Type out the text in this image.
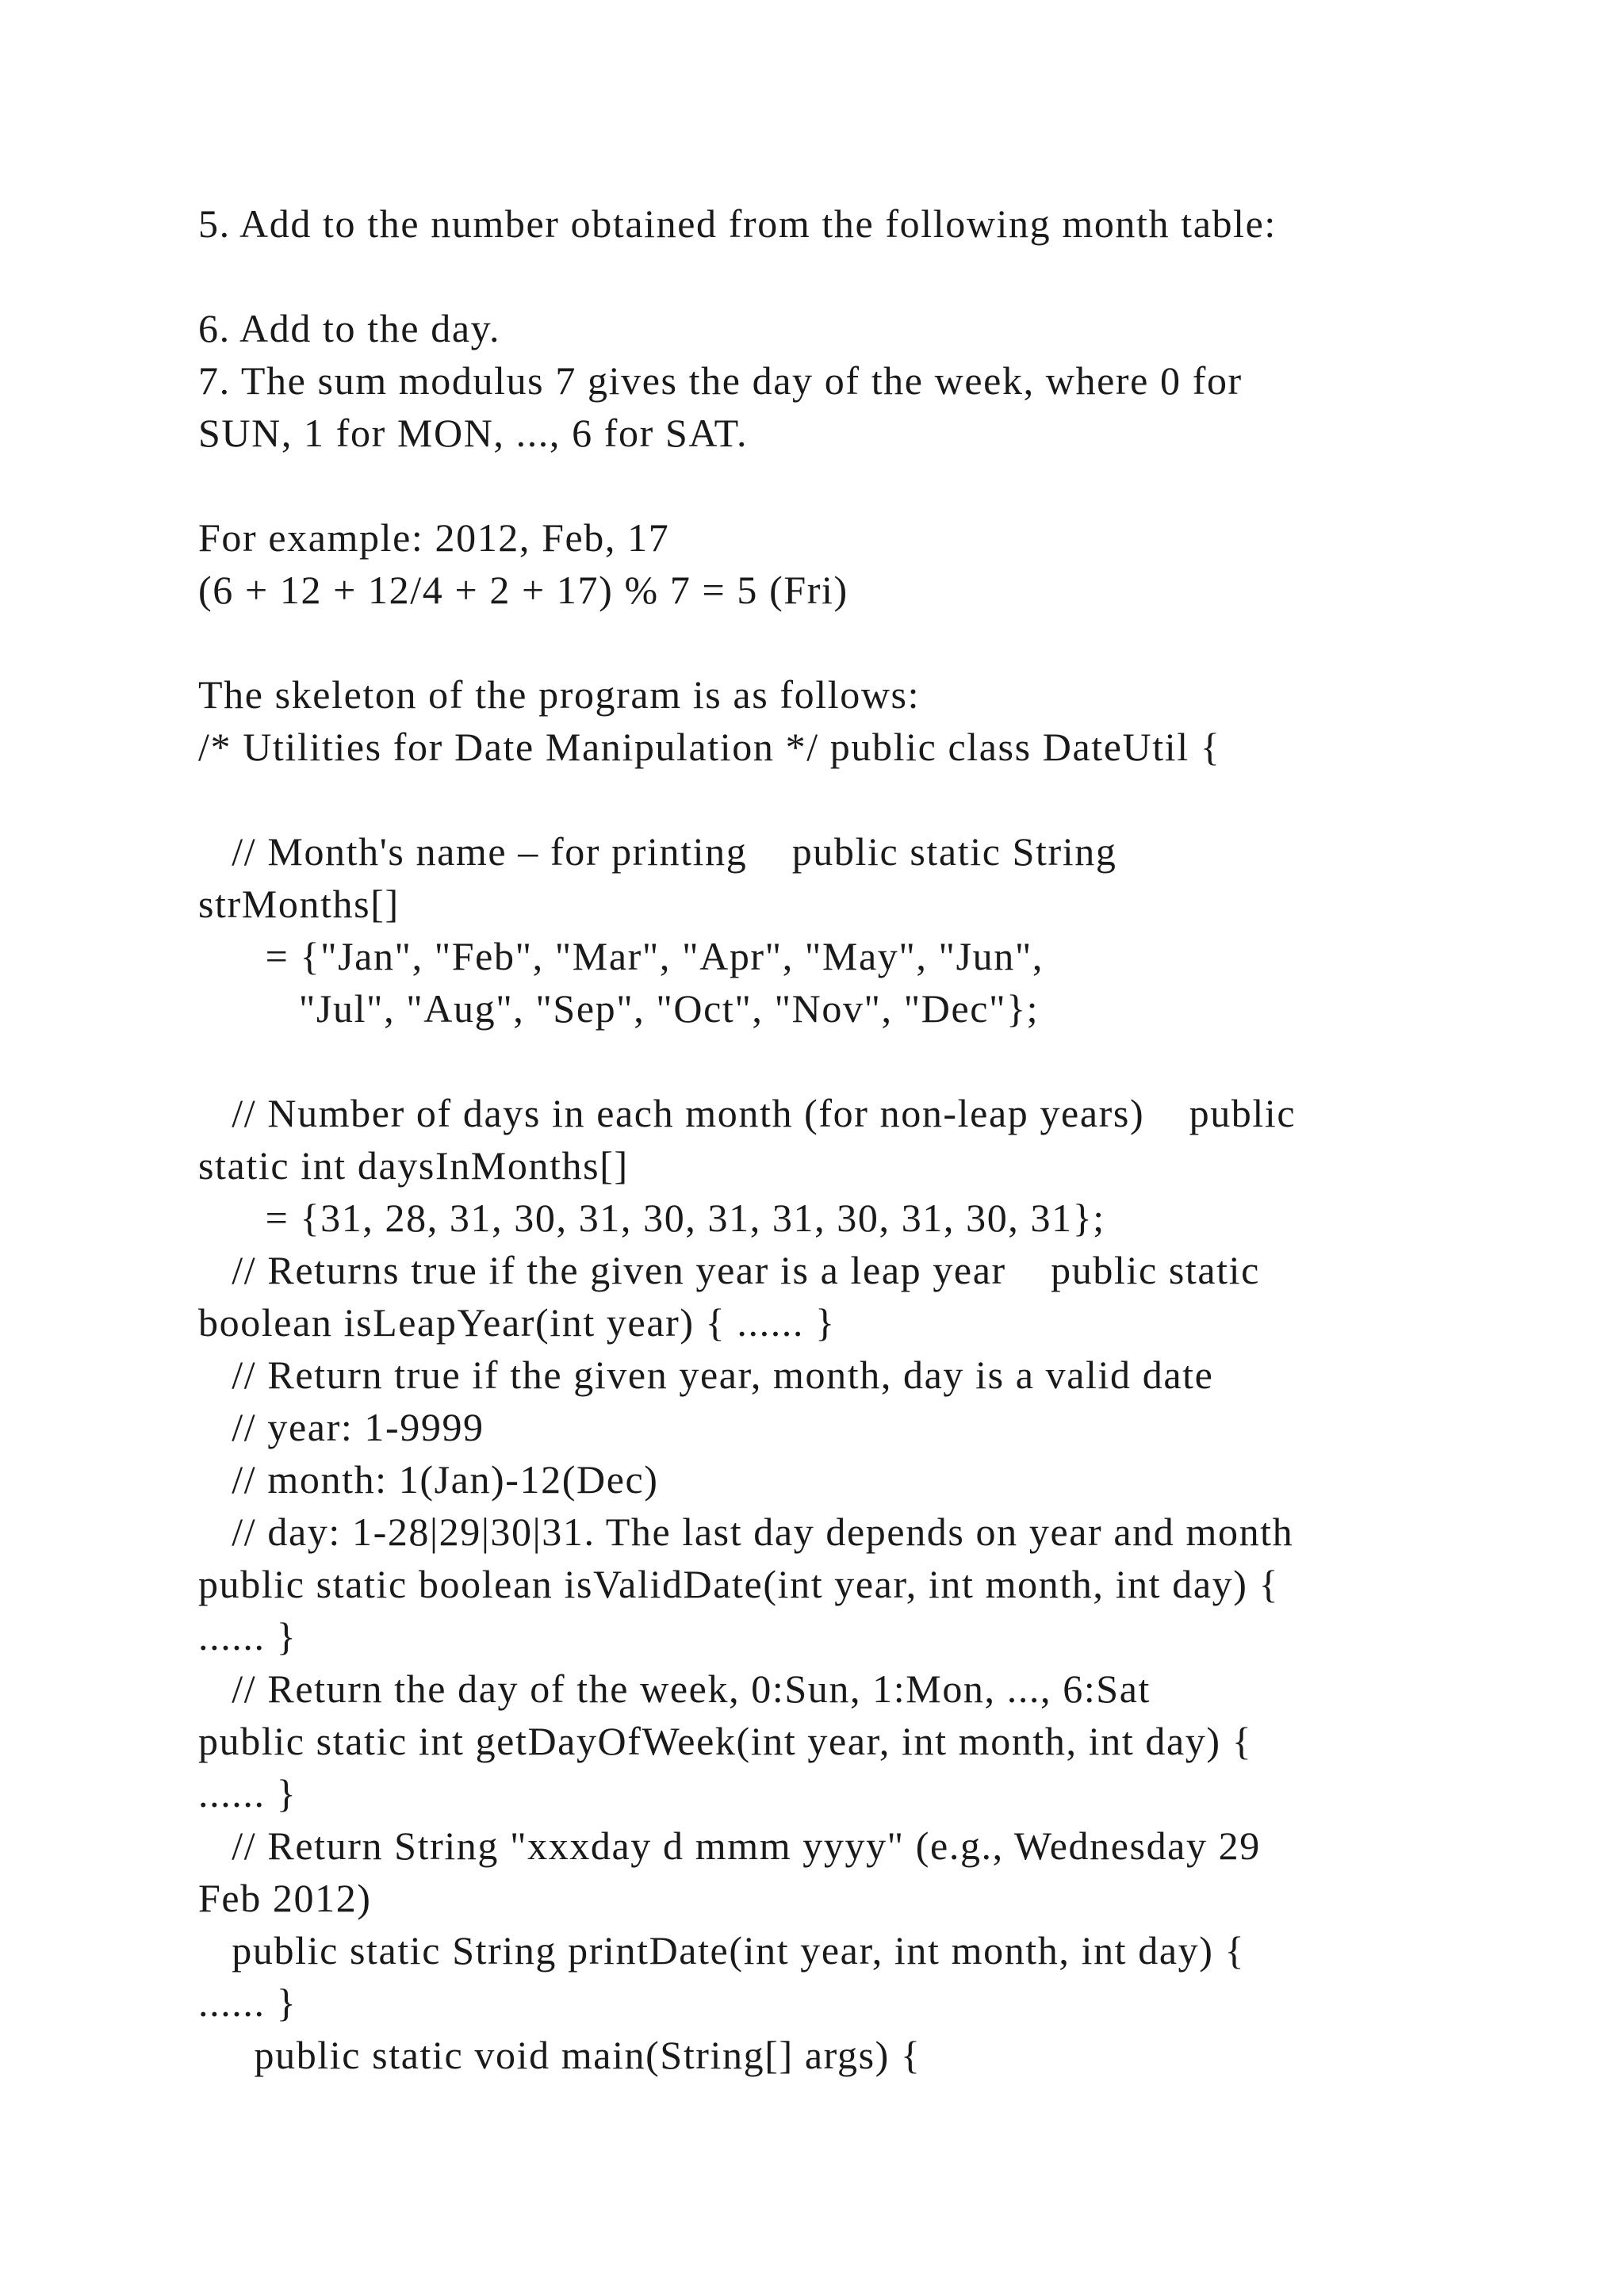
5. Add to the number obtained from the following month table:
6. Add to the day.
7. The sum modulus 7 gives the day of the week, where 0 for
SUN, 1 for MON, ..., 6 for SAT.
For example: 2012, Feb, 17
(6 + 12 + 12/4 + 2 + 17) % 7 = 5 (Fri)
The skeleton of the program is as follows:
/* Utilities for Date Manipulation */ public class DateUtil {
// Month's name – for printing    public static String
strMonths[]
= {"Jan", "Feb", "Mar", "Apr", "May", "Jun",
"Jul", "Aug", "Sep", "Oct", "Nov", "Dec"};
// Number of days in each month (for non-leap years)    public
static int daysInMonths[]
= {31, 28, 31, 30, 31, 30, 31, 31, 30, 31, 30, 31};
// Returns true if the given year is a leap year    public static
boolean isLeapYear(int year) { ...... }
// Return true if the given year, month, day is a valid date
// year: 1-9999
// month: 1(Jan)-12(Dec)
// day: 1-28|29|30|31. The last day depends on year and month
public static boolean isValidDate(int year, int month, int day) {
...... }
// Return the day of the week, 0:Sun, 1:Mon, ..., 6:Sat
public static int getDayOfWeek(int year, int month, int day) {
...... }
// Return String "xxxday d mmm yyyy" (e.g., Wednesday 29
Feb 2012)
public static String printDate(int year, int month, int day) {
...... }
public static void main(String[] args) {
